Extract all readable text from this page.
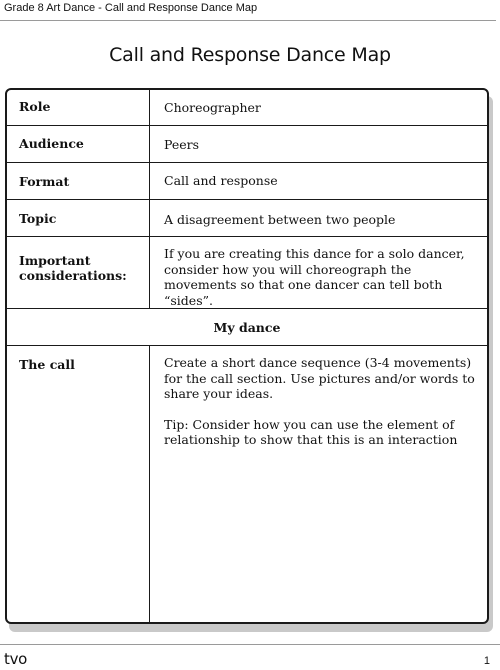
Grade 8 Art Dance - Call and Response Dance Map
Call and Response Dance Map
Role	Choreographer
Audience	Peers
Format	Call and response
Topic	A disagreement between two people
Important considerations:
If you are creating this dance for a solo dancer, consider how you will choreograph the movements so that one dancer can tell both “sides”.
My dance
The call	Create a short dance sequence (3-4 movements) for the call section. Use pictures and/or words to share your ideas.
Tip: Consider how you can use the element of relationship to show that this is an interaction
tvo	1
